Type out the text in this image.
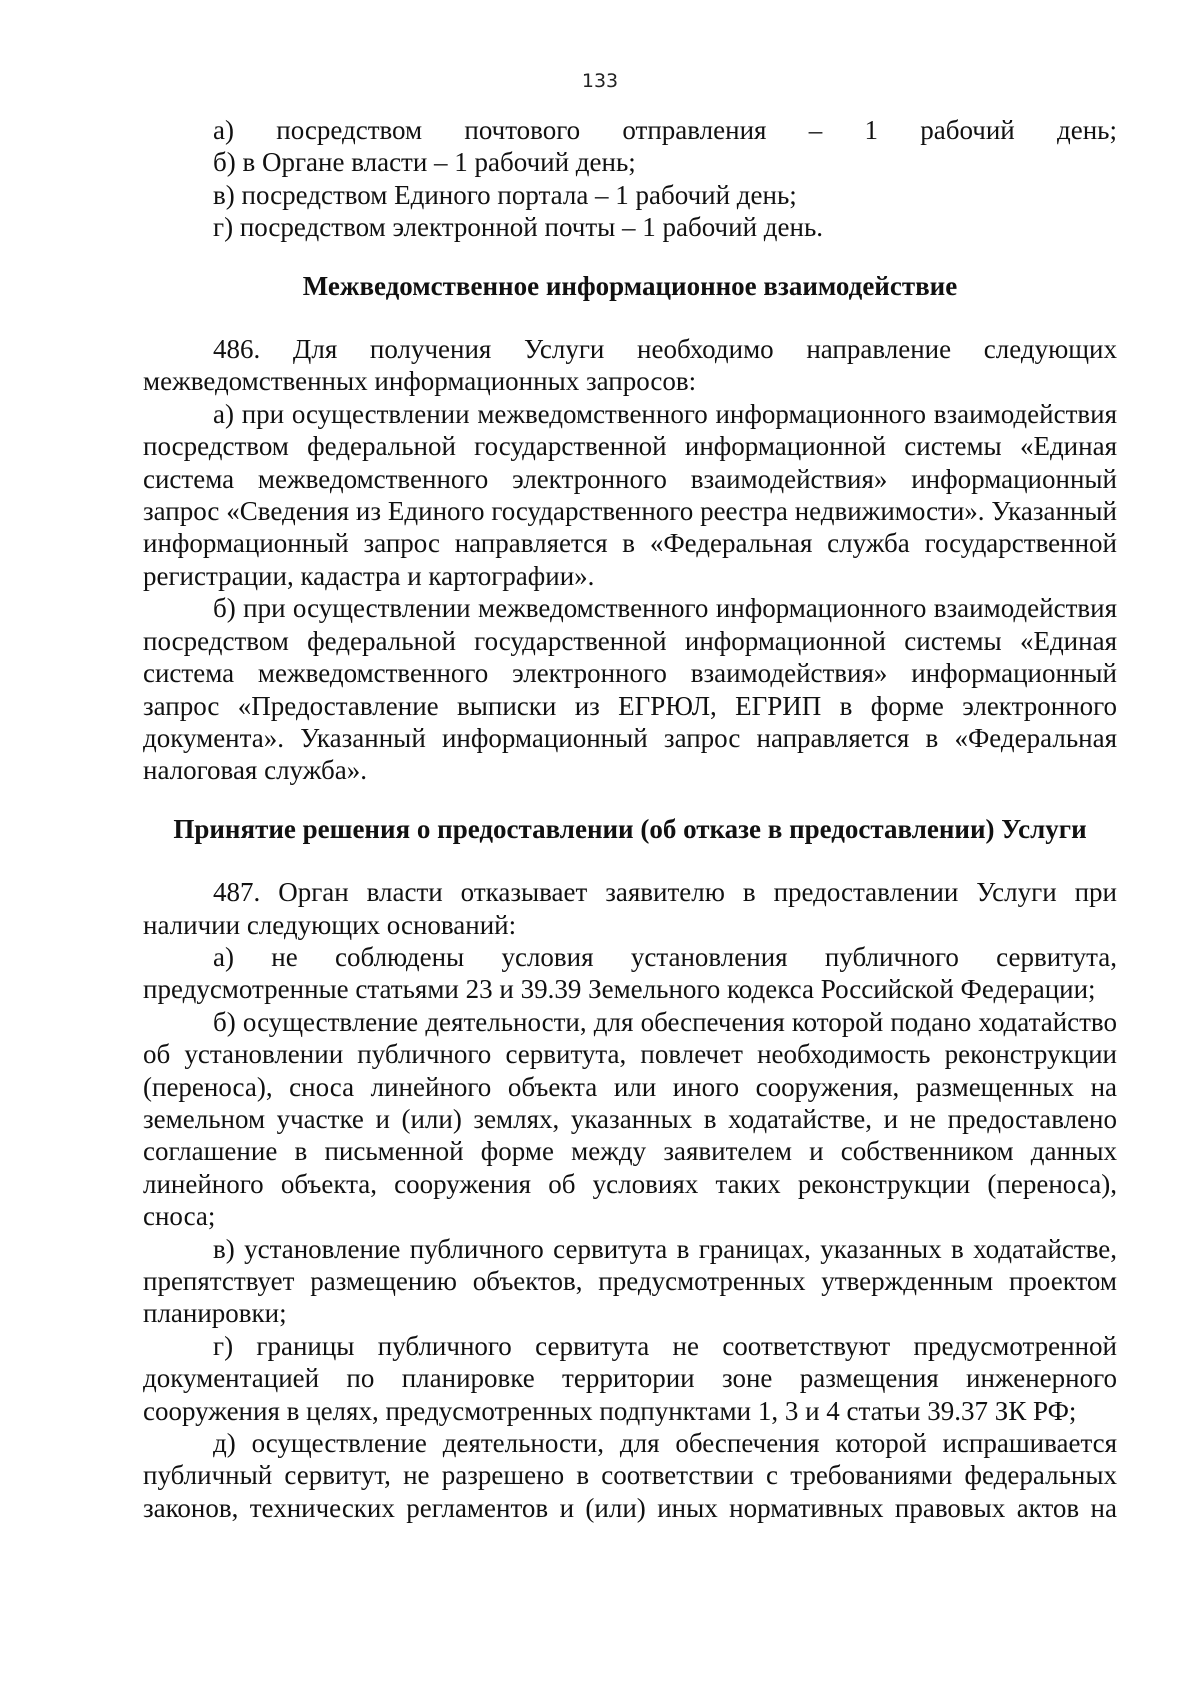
133

а) посредством почтового отправления – 1 рабочий день;

б) в Органе власти – 1 рабочий день;

в) посредством Единого портала – 1 рабочий день;

г) посредством электронной почты – 1 рабочий день.

Межведомственное информационное взаимодействие

486. Для получения Услуги необходимо направление следующих межведомственных информационных запросов:

а) при осуществлении межведомственного информационного взаимодействия посредством федеральной государственной информационной системы «Единая система межведомственного электронного взаимодействия» информационный запрос «Сведения из Единого государственного реестра недвижимости». Указанный информационный запрос направляется в «Федеральная служба государственной регистрации, кадастра и картографии».

б) при осуществлении межведомственного информационного взаимодействия посредством федеральной государственной информационной системы «Единая система межведомственного электронного взаимодействия» информационный запрос «Предоставление выписки из ЕГРЮЛ, ЕГРИП в форме электронного документа». Указанный информационный запрос направляется в «Федеральная налоговая служба».

Принятие решения о предоставлении (об отказе в предоставлении) Услуги

487. Орган власти отказывает заявителю в предоставлении Услуги при наличии следующих оснований:

а) не соблюдены условия установления публичного сервитута, предусмотренные статьями 23 и 39.39 Земельного кодекса Российской Федерации;

б) осуществление деятельности, для обеспечения которой подано ходатайство об установлении публичного сервитута, повлечет необходимость реконструкции (переноса), сноса линейного объекта или иного сооружения, размещенных на земельном участке и (или) землях, указанных в ходатайстве, и не предоставлено соглашение в письменной форме между заявителем и собственником данных линейного объекта, сооружения об условиях таких реконструкции (переноса), сноса;

в) установление публичного сервитута в границах, указанных в ходатайстве, препятствует размещению объектов, предусмотренных утвержденным проектом планировки;

г) границы публичного сервитута не соответствуют предусмотренной документацией по планировке территории зоне размещения инженерного сооружения в целях, предусмотренных подпунктами 1, 3 и 4 статьи 39.37 ЗК РФ;

д) осуществление деятельности, для обеспечения которой испрашивается публичный сервитут, не разрешено в соответствии с требованиями федеральных законов, технических регламентов и (или) иных нормативных правовых актов на
